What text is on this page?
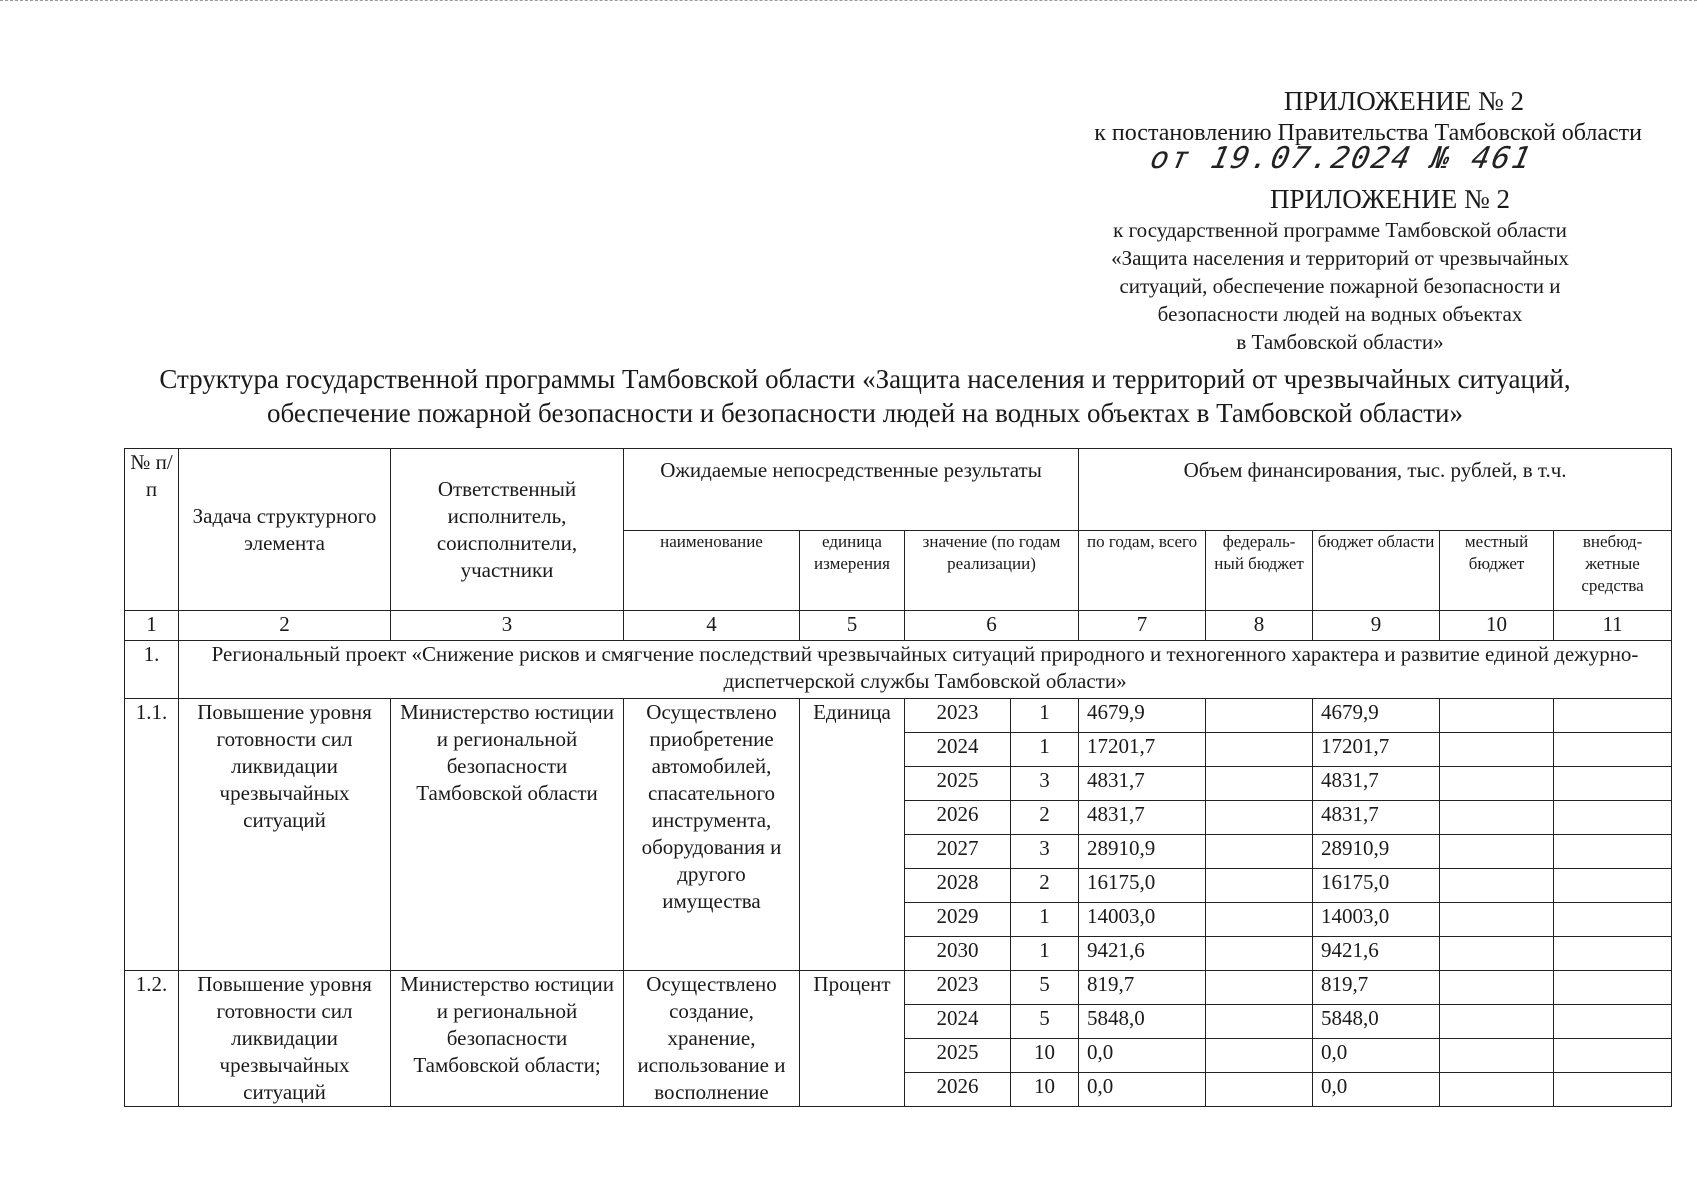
ПРИЛОЖЕНИЕ № 2
к постановлению Правительства Тамбовской области
от 19.07.2024 № 461
ПРИЛОЖЕНИЕ № 2
к государственной программе Тамбовской области
«Защита населения и территорий от чрезвычайных
ситуаций, обеспечение пожарной безопасности и
безопасности людей на водных объектах
в Тамбовской области»
Структура государственной программы Тамбовской области «Защита населения и территорий от чрезвычайных ситуаций,
обеспечение пожарной безопасности и безопасности людей на водных объектах в Тамбовской области»
№ п/п	Задача структурного элемента	Ответственный исполнитель, соисполнители, участники	Ожидаемые непосредственные результаты				Объем финансирования, тыс. рублей, в т.ч.				
			наименование	единица измерения	значение (по годам реализации)		по годам, всего	федераль-ный бюджет	бюджет области	местный бюджет	внебюд-жетные средства
1	2	3	4	5	6		7	8	9	10	11
1.	Региональный проект «Снижение рисков и смягчение последствий чрезвычайных ситуаций природного и техногенного характера и развитие единой дежурно-диспетчерской службы Тамбовской области»										
1.1.	Повышение уровня готовности сил ликвидации чрезвычайных ситуаций	Министерство юстиции и региональной безопасности Тамбовской области	Осуществлено приобретение автомобилей, спасательного инструмента, оборудования и другого имущества	Единица	2023	1	4679,9		4679,9		
					2024	1	17201,7		17201,7		
					2025	3	4831,7		4831,7		
					2026	2	4831,7		4831,7		
					2027	3	28910,9		28910,9		
					2028	2	16175,0		16175,0		
					2029	1	14003,0		14003,0		
					2030	1	9421,6		9421,6		
1.2.	Повышение уровня готовности сил ликвидации чрезвычайных ситуаций	Министерство юстиции и региональной безопасности Тамбовской области;	Осуществлено создание, хранение, использование и восполнение	Процент	2023	5	819,7		819,7		
					2024	5	5848,0		5848,0		
					2025	10	0,0		0,0		
					2026	10	0,0		0,0		
